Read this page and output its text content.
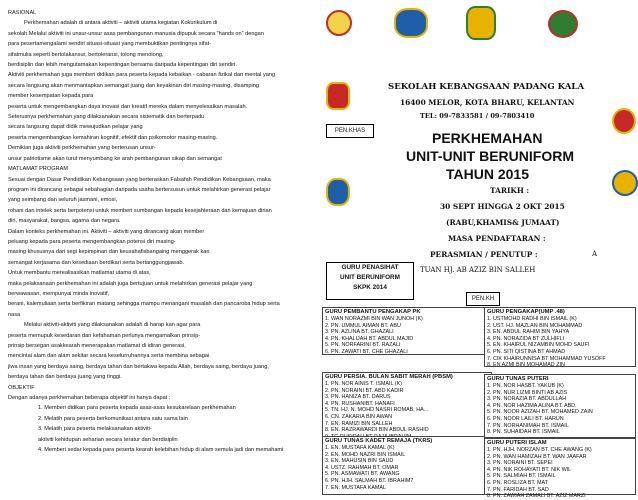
RASIONAL

Perkhemahan adalah di antara aktiviti – aktiviti utama kegiatan Kokurikulum di

sekolah.Melalui aktiviti ini unsur-unsur asas pembangunan manusia dipupuk secara "hands on" dengan

para pesertamengalami sendiri situasi-situasi yang membuktikan pentingnya sifat-

sifatmulia seperti bertolakansur, bertoleransi, tolong menolong,

berdisiplin dan lebih mengutamakan kepentingan bersama daripada kepentingan diri sendiri.

Aktiviti perkhemahan juga memberi didikan para peserta kepada kebaikan - cabaran fizikal dan mental yang

secara langsung akan menmantapkan semangat juang dan keyakinan diri masing-masing, disamping

member kesempatan kepada para

peserta untuk mengembangkan daya inovasi dan kreatif mereka dalam menyelesaikan masalah.

Seterusnya perkhemahan yang dilaksanakan secara sistematik dan berterpadu

secara langsung dapat didik mewujudkan pelajar yang

peserta mengembangkan kemahiran kognitif, efektif dan psikomotor masing-masing.

Demikian juga aktiviti perkhemahan yang berterusan unsur-

unsur patriotisme akan turut menyumbang ke arah pembangunan sikap dan semangat

MATLAMAT PROGRAM

Sesuai dengan Dasar Pendidikan Kebangsaan yang berteraskan Falsafah Pendidikan Kebangsaan, maka

program ini dirancang sebagai sebahagian daripada usaha bertersusun untuk melahirkan generasi pelajar

yang seimbang dan seluruh jasmani, emosi,

rohani dan intelek serta berpotensi untuk memberi sumbangan kepada kesejahteraan dan kemajuan dirian

diri, masyarakat, bangsa, agama dan negara.

Dalam konteks perkhemahan ini. Aktiviti – aktiviti yang dirancang akan member

peluang kepada para peserta mengembangkan potensi diri masing-

masing khususnya dari segi kepimpinan dan keusahafisbangaing menggerak kan

semangat kerjasama dan kesediaan berdikari serta bertanggungjawab.

Untuk membantu merealisasikan matlamat utama di atas,

maka pelaksanaan perkhemahan ini adalah juga bertujuan untuk melahirkan generasi pelajar yang

berwawasan, mempunyai minda inovatif,

berani, kalemuliaan serta berfikiran matang sehingga mampu menangani masalah dan pancaroba hidup serta

nasa

Melalui aktiviti-aktiviti yang dilaksanakan adalah di harap kan agar para

peserta memupuk kesedaran dan kefahaman perlunya mengamalkan prinsip-

prinsip bersegan asakkearah menerapakan matlamat di idiran generasi,

mencintai alam dan alam sekitar secara keselurruhannya serta membina sebagai

jiwa insan yang berdaya saing, berdaya tahan dan bertakwa kepada Allah, berdaya saing, berdaya juang,

berdaya tahan dan berdaya juang yang tinggi.

OBJEKTIF

Dengan adanya perkhemahan beberapa objektif ini hanya dapat :

1. Memberi didikan para peserta kepada asas-asas kesukarelaan perkhemahan

2. Melatih para peserta berkomunikasi antara satu sama lain

3. Melatih para peserta melaksanakan aktiviti-

aktiviti kehidupan seharian secara teratur dan berdisiplin

4. Memberi sedar kepada para peserta kearah kelebihan hidup di alam semula jadi dan memahami

SEKOLAH KEBANGSAAN PADANG KALA
16400 MELOR, KOTA BHARU, KELANTAN
TEL: 09-7833581 / 09-7803410
PERKHEMAHAN
UNIT-UNIT BERUNIFORM
TAHUN 2015
TARIKH :
30 SEPT HINGGA 2 OKT 2015
(RABU,KHAMIS& JUMAAT)
MASA PENDAFTARAN :
PERASMIAN / PENUTUP :	A
TUAN HJ. AB AZIZ BIN SALLEH
PEN.KHAS
PEN.KH
GURU PENASIHAT
UNIT BERUNIFORM
SKPK 2014
GURU PEMBANTU PENGAKAP PK
1. WAN NORAZMI BIN WAN JUNOH (K)
2. PN. UMMUL AIMAN BT. ABU
3. PN. AZLINA BT. GHAZALI
4. PN. KHALIJAH BT. ABDUL MAJID
5. PN. NORFARINI BT. RAZALI
6. PN. ZAWATI BT. CHE GHAZALI
GURU PERSIA. BULAN SABIT MERAH (PBSM)
1. PN. NOR AINIS T. ISMAIL (K)
2. PN. NORAINI BT. ABD KADIR
3. PN. HANIZA BT. DARUS
4. PN. RUSHANIBT. HANAFI
5. TN. HJ. N. MOHD NASRI ROMAB, HA...
6. CN. ZAKARIA BIN AWAN
7. EN. RAMIZI BIN SALLEH
8. EN. RAZRAWARDI BIN ABDUL RASHID
GURU TUNAS KADET REMAJA (TKRS)
1. EN. MUSTAFA KAMAL (K)
2. EN. MOHD NAZRI BIN ISMAIL
3. EN. MAHUSIN BIN SAUD
4. USTZ. RAHMAH BT. OMAR
5. PN. ASMAWATI BT. AWANG
6. PN. HJH. SALMAH BT. IBRAHIM7
7. EN. MUSTAFA KAMAL
GURU PENGAKAP(UMP .48)
1. USTMOHD RADHI BIN ISMAIL (K)
2. UST. HJ. MAZLAN BIN MOHAMMAD
3. EN. ABDUL RAHIM BIN YAHYA
4. PN. NORAZIDA BT ZULHIFLI
5. EN. KHAIRUL NIZAMBIN MOHD SAUFI
6. PN. SITI QISTINA BT AHMAD
7. CIK KHAIRUNNISA BT MOHAMMAD YUSOFF
8. EN AZMI BIN MOHAMAD ZIN
GURU TUNAS PUTERI
1. PN. NOR HASBT. YAKUB (K)
2. PN. NUR LIZMI BINTI AB AZIS
3. PN. NORAZIA BT. ABDULLAH
4. PN. NOR HAZIMA ALINA BT. ABD.
5. PN. NOOR AZIZAH BT. MOHAMED ZAIN
6. PN. NOOR LAILI BT. HARUN
7. PN. NORHANIMAH BT. ISMAIL
8. PN. SUHAIDAH BT. ISMAIL
GURU PUTERI ISLAM
1. PN. HJH. NORZAN BT. CHE AWANG (K)
2. PN. WAN HAMIZAH BT. WAN JAAFAR
3. PN. NORAINI BT. SEPEI
4. PN. NIK ROHAYATI BT. NIK WIL
5. PN. SALMIAH BT. ISMAIL
6. PN. ROSLIZA BT. MAT
7. PN. FARIDAH BT. SAD
8. PN. ZAWIAH ZAMALI BT. AZIZ MARZI
